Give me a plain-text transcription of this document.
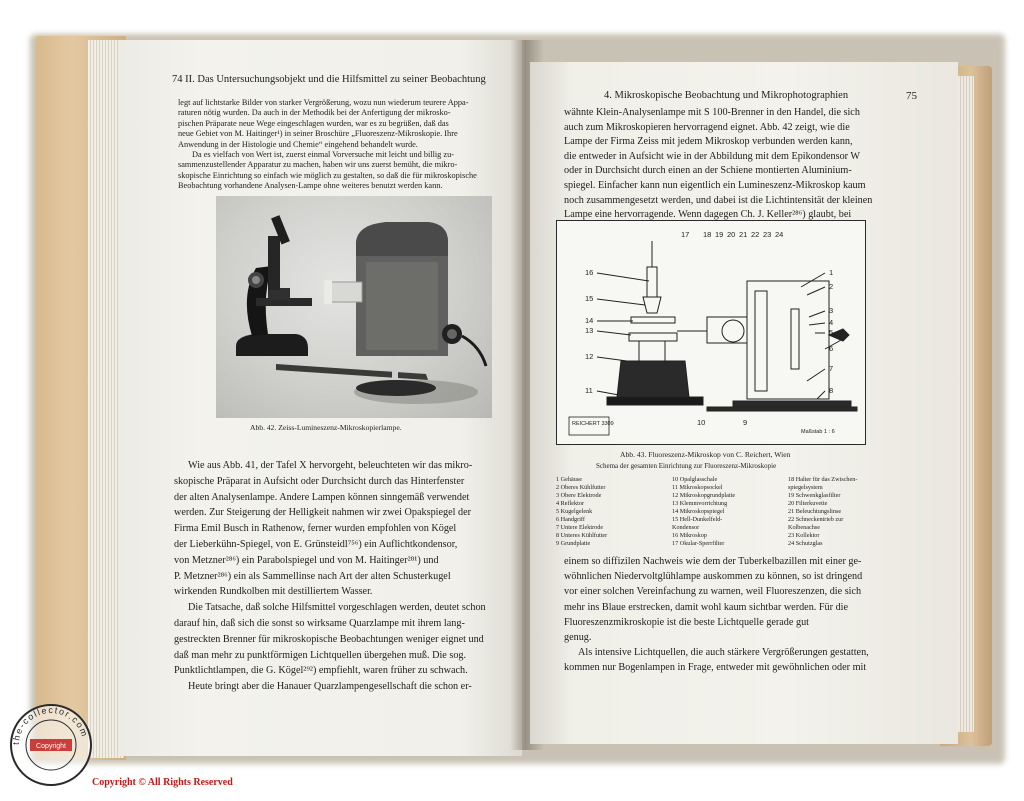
74 II. Das Untersuchungsobjekt und die Hilfsmittel zu seiner Beobachtung

legt auf lichtstarke Bilder von starker Vergrößerung, wozu nun wiederum teurere Appa-

raturen nötig wurden. Da auch in der Methodik bei der Anfertigung der mikrosko-

pischen Präparate neue Wege eingeschlagen wurden, war es zu begrüßen, daß das

neue Gebiet von M. Haitinger¹) in seiner Broschüre „Fluoreszenz-Mikroskopie. Ihre

Anwendung in der Histologie und Chemie“ eingehend behandelt wurde.

Da es vielfach von Wert ist, zuerst einmal Vorversuche mit leicht und billig zu-

sammenzustellender Apparatur zu machen, haben wir uns zuerst bemüht, die mikro-

skopische Einrichtung so einfach wie möglich zu gestalten, so daß die für mikroskopische

Beobachtung vorhandene Analysen-Lampe ohne weiteres benutzt werden kann.

Abb. 42. Zeiss-Lumineszenz-Mikroskopierlampe.

Wie aus Abb. 41, der Tafel X hervorgeht, beleuchteten wir das mikro-

skopische Präparat in Aufsicht oder Durchsicht durch das Hinterfenster

der alten Analysenlampe. Andere Lampen können sinngemäß verwendet

werden. Zur Steigerung der Helligkeit nahmen wir zwei Opakspiegel der

Firma Emil Busch in Rathenow, ferner wurden empfohlen von Kögel

der Lieberkühn-Spiegel, von E. Grünsteidl⁷⁵⁶) ein Auflichtkondensor,

von Metzner²⁸⁶) ein Parabolspiegel und von M. Haitinger²⁸¹) und

P. Metzner²⁸⁶) ein als Sammellinse nach Art der alten Schusterkugel

wirkenden Rundkolben mit destilliertem Wasser.

Die Tatsache, daß solche Hilfsmittel vorgeschlagen werden, deutet schon

darauf hin, daß sich die sonst so wirksame Quarzlampe mit ihrem lang-

gestreckten Brenner für mikroskopische Beobachtungen weniger eignet und

daß man mehr zu punktförmigen Lichtquellen übergehen muß. Die sog.

Punktlichtlampen, die G. Kögel²⁹²) empfiehlt, waren früher zu schwach.

Heute bringt aber die Hanauer Quarzlampengesellschaft die schon er-

4. Mikroskopische Beobachtung und Mikrophotographien	75

wähnte Klein-Analysenlampe mit S 100-Brenner in den Handel, die sich

auch zum Mikroskopieren hervorragend eignet. Abb. 42 zeigt, wie die

Lampe der Firma Zeiss mit jedem Mikroskop verbunden werden kann,

die entweder in Aufsicht wie in der Abbildung mit dem Epikondensor W

oder in Durchsicht durch einen an der Schiene montierten Aluminium-

spiegel. Einfacher kann nun eigentlich ein Lumineszenz-Mikroskop kaum

noch zusammengesetzt werden, und dabei ist die Lichtintensität der kleinen

Lampe eine hervorragende. Wenn dagegen Ch. J. Keller²⁸⁶) glaubt, bei

17 18 19 20 21 22 23 24
16
15
14
13
12
11
1
2
3
4
5
6
7
8
10	9
REICHERT 3309
Maßstab 1 : 6
Abb. 43. Fluoreszenz-Mikroskop von C. Reichert, Wien
Schema der gesamten Einrichtung zur Fluoreszenz-Mikroskopie
1 Gehäuse
2 Oberes Kühlfutter
3 Obere Elektrode
4 Reflektor
5 Kugelgelenk
6 Handgriff
7 Untere Elektrode
8 Unteres Kühlfutter
9 Grundplatte
10 Opalglasschale
11 Mikroskopsockel
12 Mikroskopgrundplatte
13 Klemmvorrichtung
14 Mikroskopspiegel
15 Hell-Dunkelfeld-
Kondensor
16 Mikroskop
17 Okular-Sperrfilter
18 Halter für das Zwischen-
spiegelsystem
19 Schwenkglasfilter
20 Filterkuvette
21 Beleuchtungslinse
22 Schneckentrieb zur
Kolbenachse
23 Kollektor
24 Schutzglas

einem so diffizilen Nachweis wie dem der Tuberkelbazillen mit einer ge-

wöhnlichen Niedervoltglühlampe auskommen zu können, so ist dringend

vor einer solchen Vereinfachung zu warnen, weil Fluoreszenzen, die sich

mehr ins Blaue erstrecken, damit wohl kaum sichtbar werden. Für die

Fluoreszenzmikroskopie ist die beste Lichtquelle gerade gut

genug.

Als intensive Lichtquellen, die auch stärkere Vergrößerungen gestatten,

kommen nur Bogenlampen in Frage, entweder mit gewöhnlichen oder mit

the-collector.com
Copyright
Copyright © All Rights Reserved
